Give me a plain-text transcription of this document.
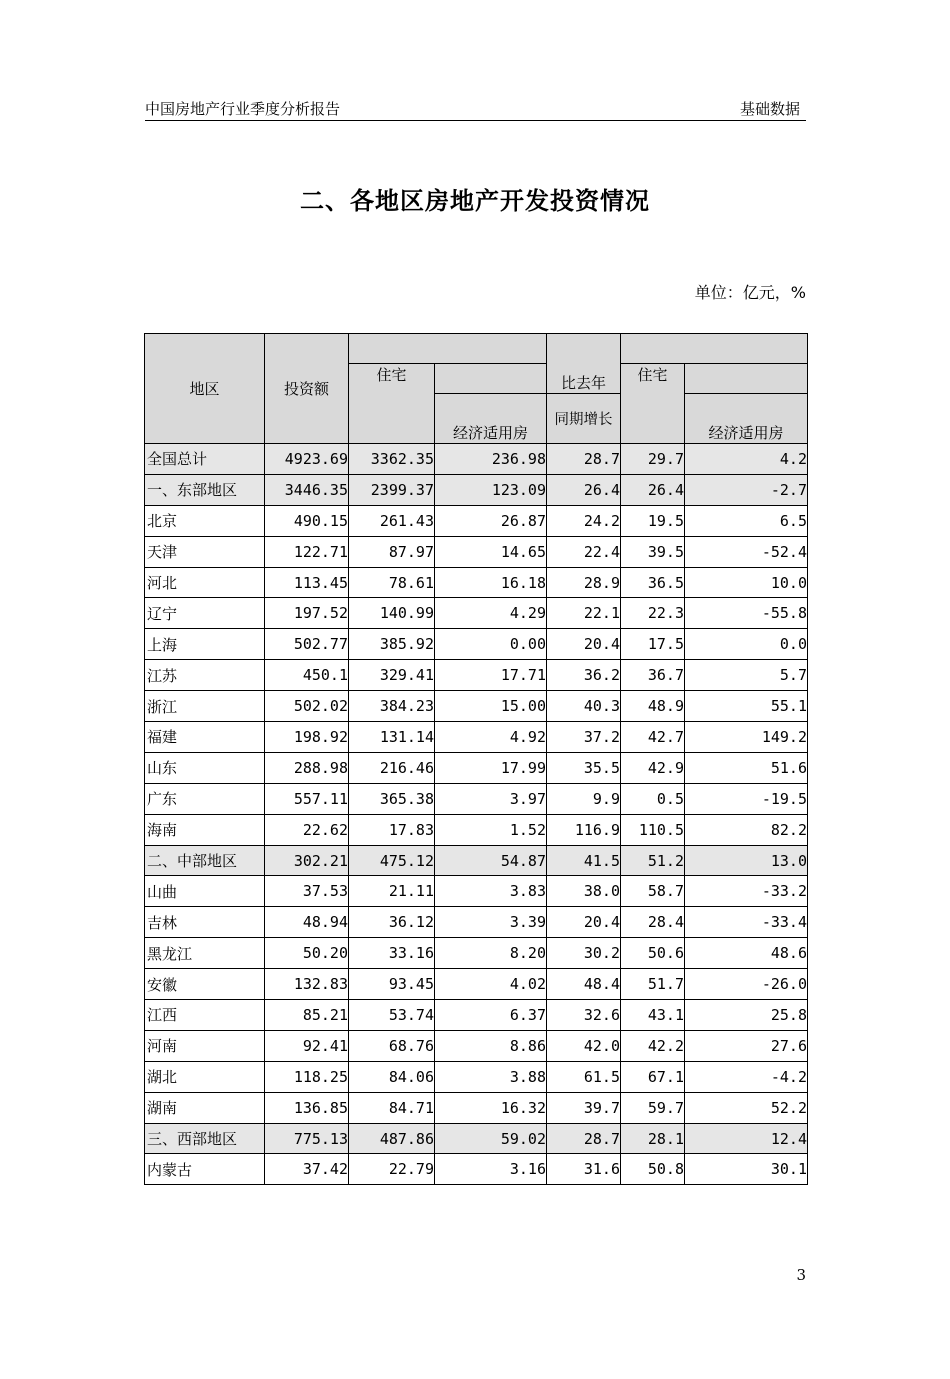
中国房地产行业季度分析报告	基础数据
二、各地区房地产开发投资情况
单位：亿元，%
地区	投资额			比去年		
		住宅			住宅	
			经济适用房	同期增长		经济适用房
全国总计	4923.69	3362.35	236.98	28.7	29.7	4.2
一、东部地区	3446.35	2399.37	123.09	26.4	26.4	-2.7
北京	490.15	261.43	26.87	24.2	19.5	6.5
天津	122.71	87.97	14.65	22.4	39.5	-52.4
河北	113.45	78.61	16.18	28.9	36.5	10.0
辽宁	197.52	140.99	4.29	22.1	22.3	-55.8
上海	502.77	385.92	0.00	20.4	17.5	0.0
江苏	450.1	329.41	17.71	36.2	36.7	5.7
浙江	502.02	384.23	15.00	40.3	48.9	55.1
福建	198.92	131.14	4.92	37.2	42.7	149.2
山东	288.98	216.46	17.99	35.5	42.9	51.6
广东	557.11	365.38	3.97	9.9	0.5	-19.5
海南	22.62	17.83	1.52	116.9	110.5	82.2
二、中部地区	302.21	475.12	54.87	41.5	51.2	13.0
山曲	37.53	21.11	3.83	38.0	58.7	-33.2
吉林	48.94	36.12	3.39	20.4	28.4	-33.4
黑龙江	50.20	33.16	8.20	30.2	50.6	48.6
安徽	132.83	93.45	4.02	48.4	51.7	-26.0
江西	85.21	53.74	6.37	32.6	43.1	25.8
河南	92.41	68.76	8.86	42.0	42.2	27.6
湖北	118.25	84.06	3.88	61.5	67.1	-4.2
湖南	136.85	84.71	16.32	39.7	59.7	52.2
三、西部地区	775.13	487.86	59.02	28.7	28.1	12.4
内蒙古	37.42	22.79	3.16	31.6	50.8	30.1
3
